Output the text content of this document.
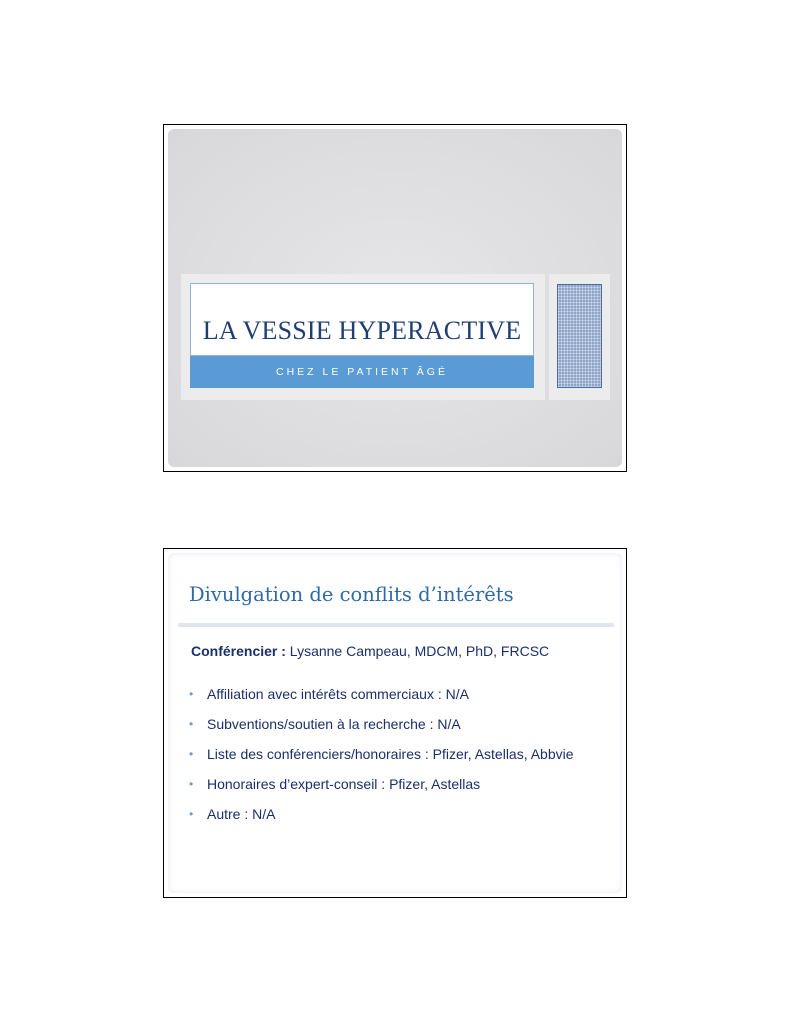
LA VESSIE HYPERACTIVE
CHEZ LE PATIENT ÂGÉ
Divulgation de conflits d’intérêts
Conférencier : Lysanne Campeau, MDCM, PhD, FRCSC
• Affiliation avec intérêts commerciaux : N/A
• Subventions/soutien à la recherche : N/A
• Liste des conférenciers/honoraires : Pfizer, Astellas, Abbvie
• Honoraires d’expert-conseil : Pfizer, Astellas
• Autre : N/A
